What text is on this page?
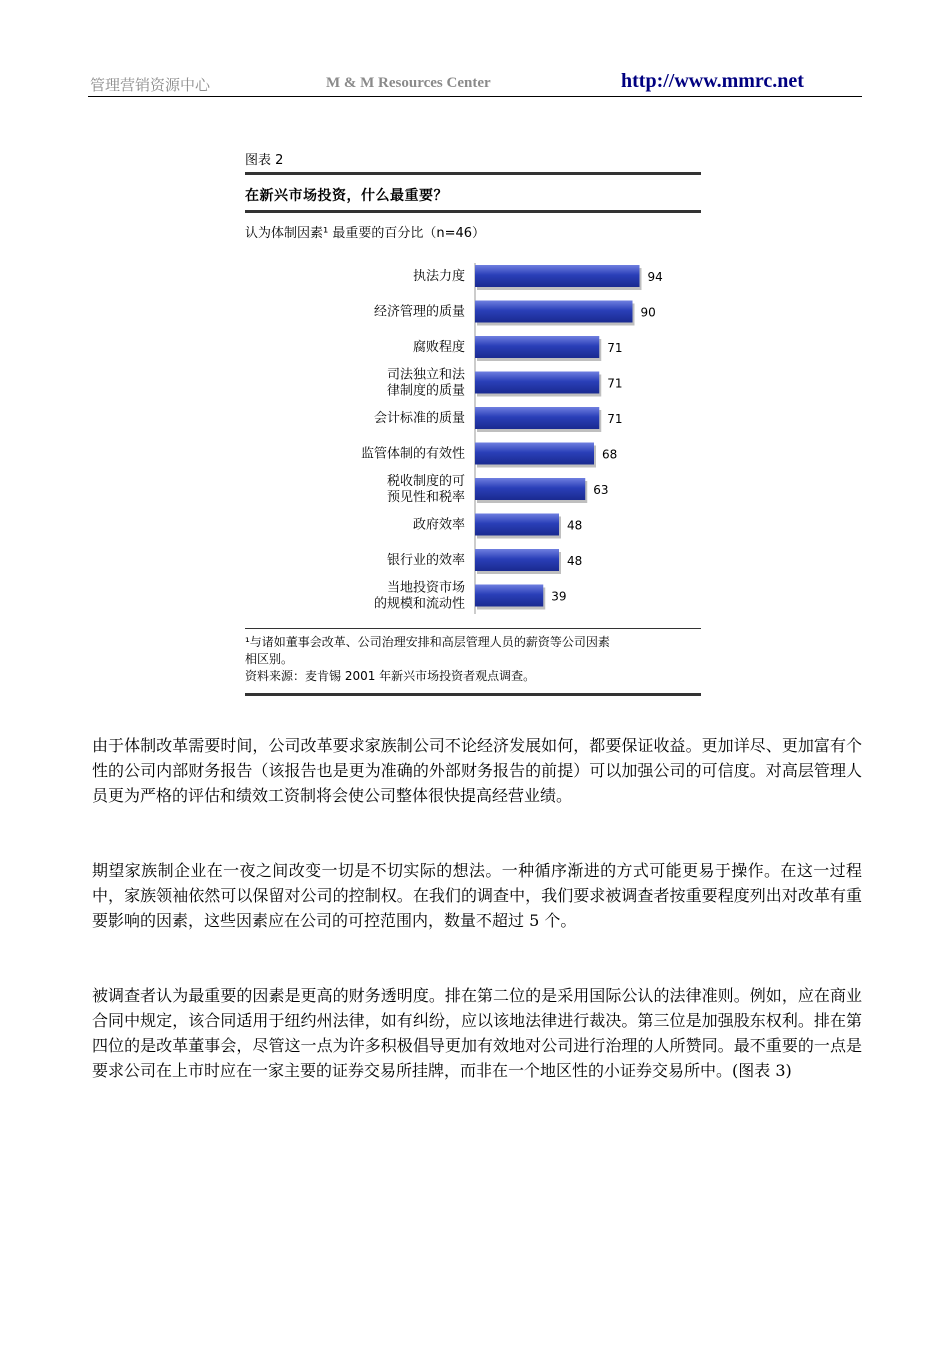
管理营销资源中心	M & M Resources Center	http://www.mmrc.net
图表 2
在新兴市场投资，什么最重要？
认为体制因素¹ 最重要的百分比（n=46）
94
执法力度
90
经济管理的质量
71
腐败程度
71
司法独立和法
律制度的质量
71
会计标准的质量
68
监管体制的有效性
63
税收制度的可
预见性和税率
48
政府效率
48
银行业的效率
39
当地投资市场
的规模和流动性
¹与诸如董事会改革、公司治理安排和高层管理人员的薪资等公司因素
相区别。
资料来源：麦肯锡 2001 年新兴市场投资者观点调查。
由于体制改革需要时间，公司改革要求家族制公司不论经济发展如何，都要保证收益。更加详尽、更加富有个性的公司内部财务报告（该报告也是更为准确的外部财务报告的前提）可以加强公司的可信度。对高层管理人员更为严格的评估和绩效工资制将会使公司整体很快提高经营业绩。
期望家族制企业在一夜之间改变一切是不切实际的想法。一种循序渐进的方式可能更易于操作。在这一过程中，家族领袖依然可以保留对公司的控制权。在我们的调查中，我们要求被调查者按重要程度列出对改革有重要影响的因素，这些因素应在公司的可控范围内，数量不超过 5 个。
被调查者认为最重要的因素是更高的财务透明度。排在第二位的是采用国际公认的法律准则。例如，应在商业合同中规定，该合同适用于纽约州法律，如有纠纷，应以该地法律进行裁决。第三位是加强股东权利。排在第四位的是改革董事会，尽管这一点为许多积极倡导更加有效地对公司进行治理的人所赞同。最不重要的一点是要求公司在上市时应在一家主要的证券交易所挂牌，而非在一个地区性的小证券交易所中。(图表 3)
